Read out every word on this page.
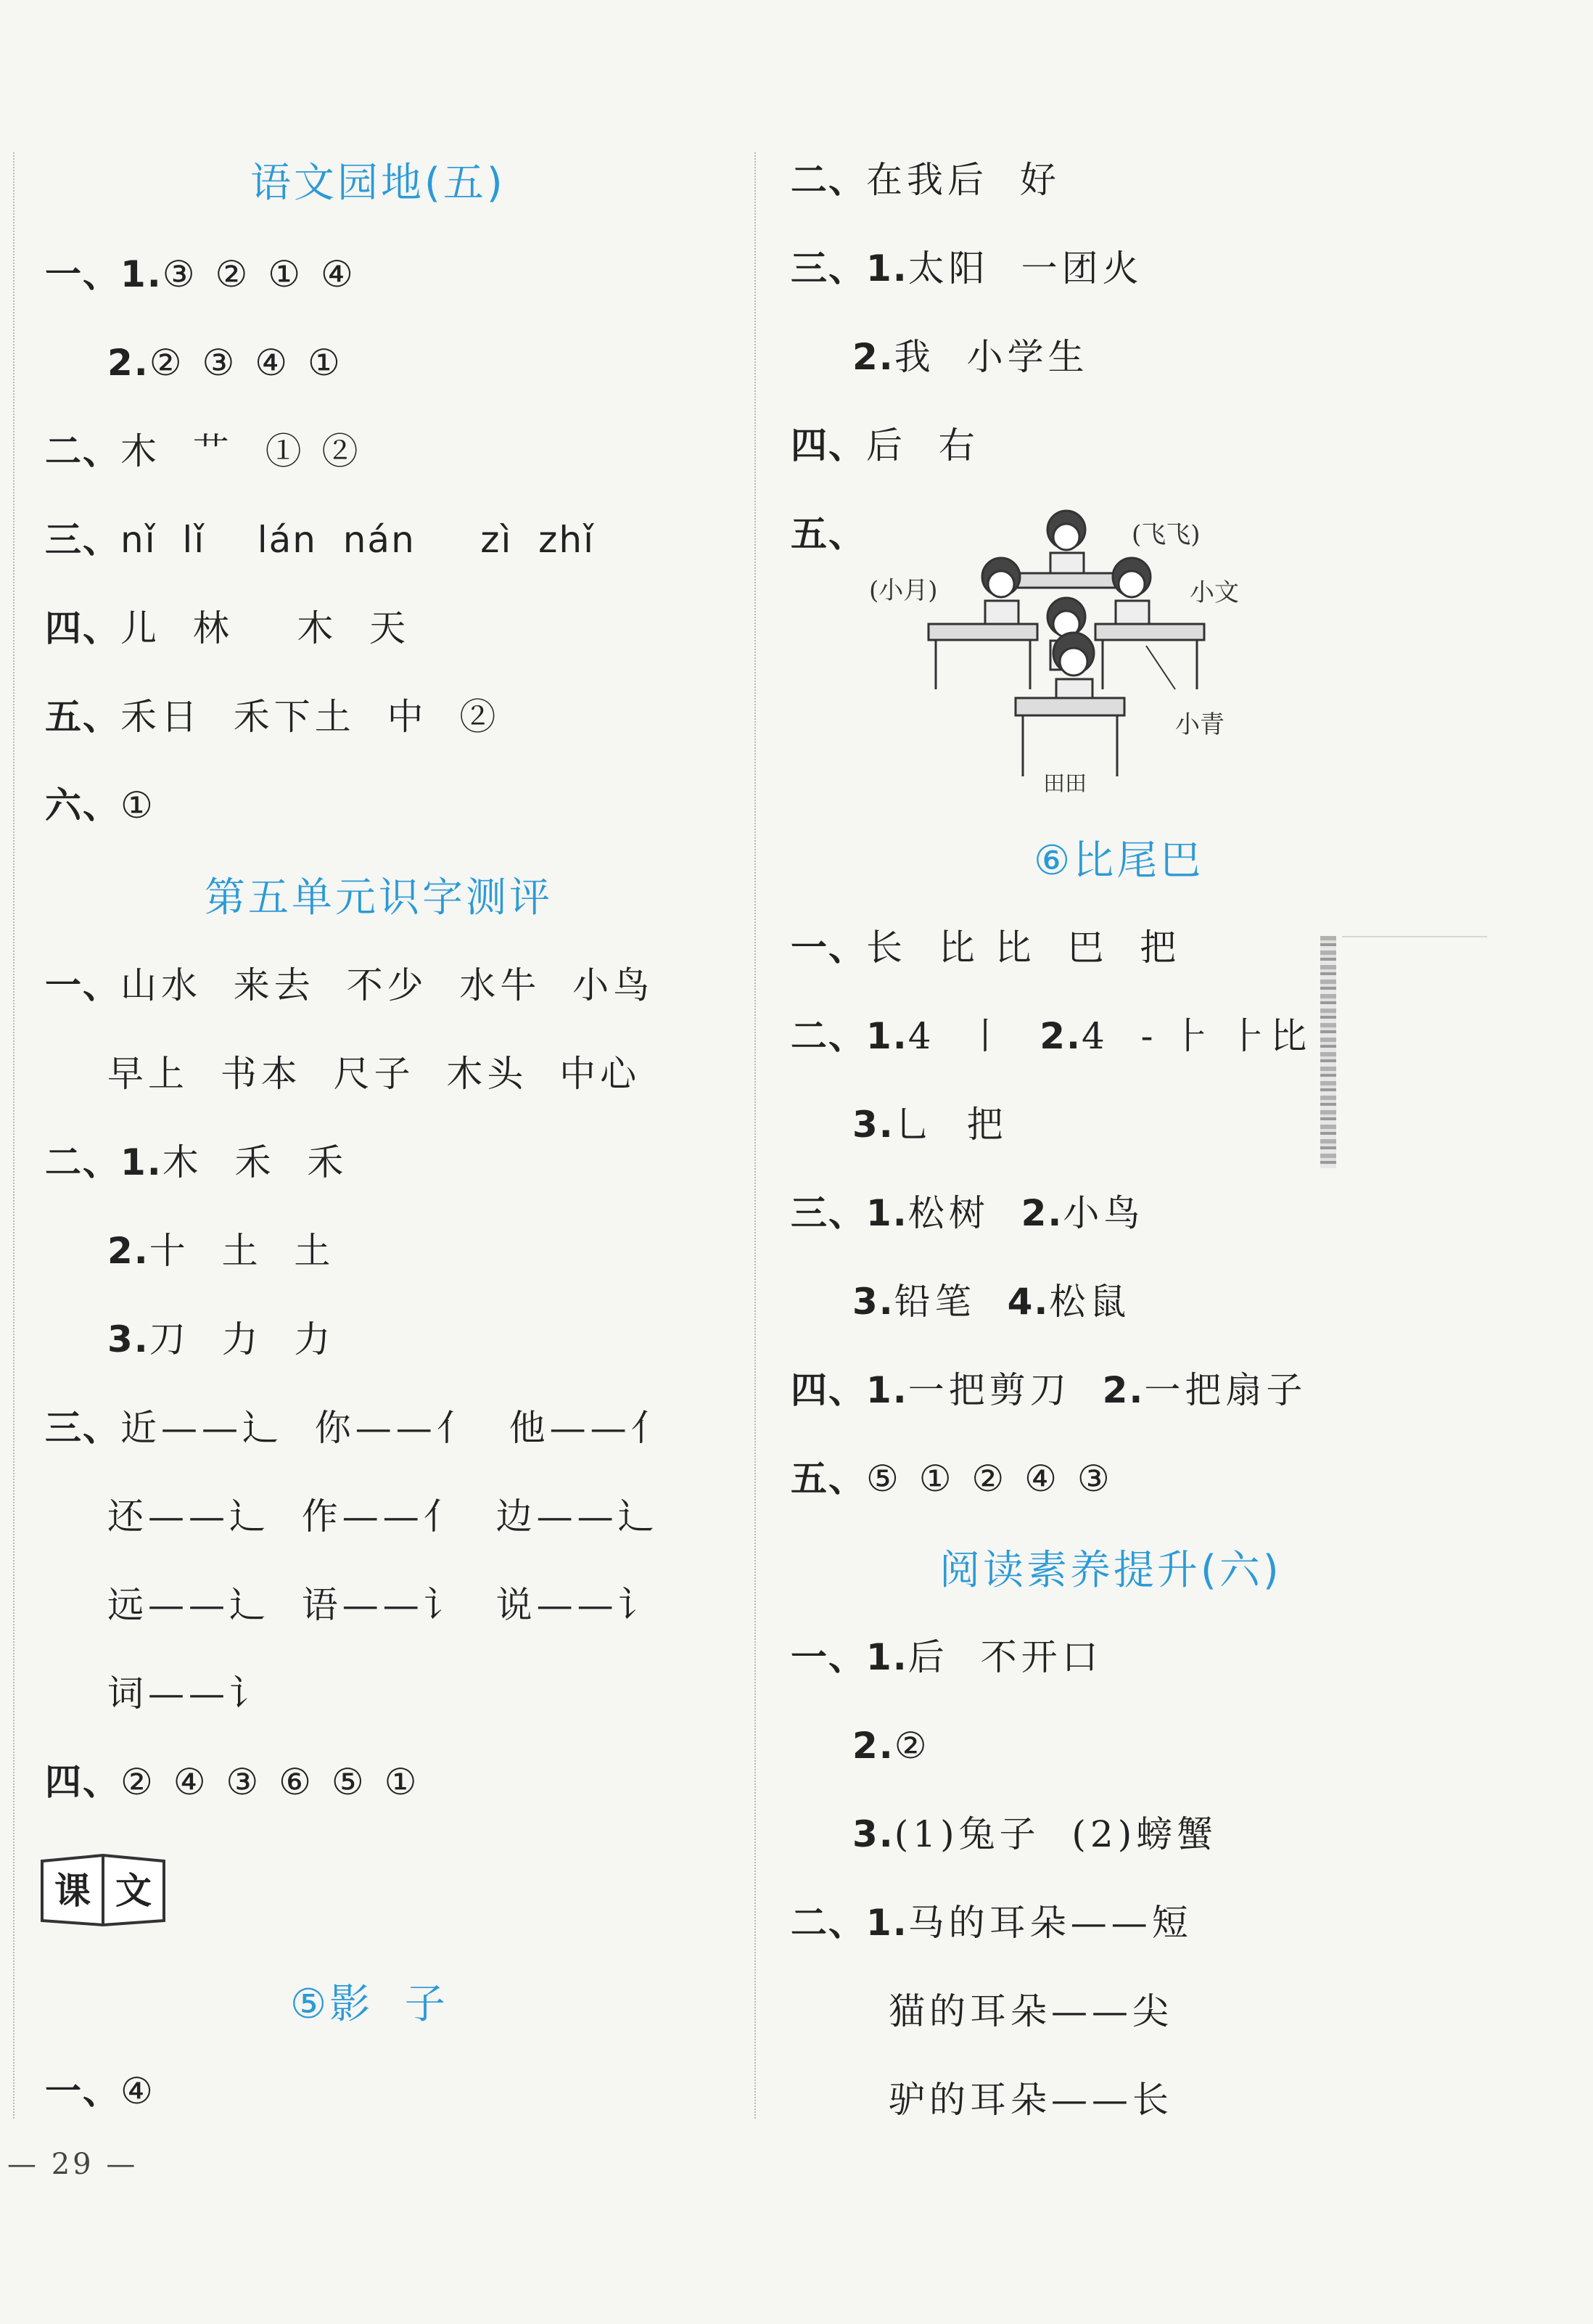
语文园地(五)
一、1.③ ② ① ④
2.② ③ ④ ①
二、木  艹  ① ②
三、nǐ  lǐ    lán  nán     zì  zhǐ
四、儿  林    木  天
五、禾日  禾下土  中  ②
六、①
第五单元识字测评
一、山水  来去  不少  水牛  小鸟
早上  书本  尺子  木头  中心
二、1.木  禾  禾
2.十  土  土
3.刀  力  力
三、近——辶  你——亻  他——亻
还——辶  作——亻  边——辶
远——辶  语——讠  说——讠
词——讠
四、② ④ ③ ⑥ ⑤ ①
课 文
⑤影  子
一、④
— 29 —
二、在我后  好
三、1.太阳  一团火
2.我  小学生
四、后  右
五、	(飞飞)
(小月)	小文
小青
田田
⑥比尾巴
一、长  比 比  巴  把
二、1.4  丨  2.4  - ⺊ ⺊比
3.乚  把
三、1.松树  2.小鸟
3.铅笔  4.松鼠
四、1.一把剪刀  2.一把扇子
五、⑤ ① ② ④ ③
阅读素养提升(六)
一、1.后  不开口
2.②
3.(1)兔子  (2)螃蟹
二、1.马的耳朵——短
猫的耳朵——尖
驴的耳朵——长
